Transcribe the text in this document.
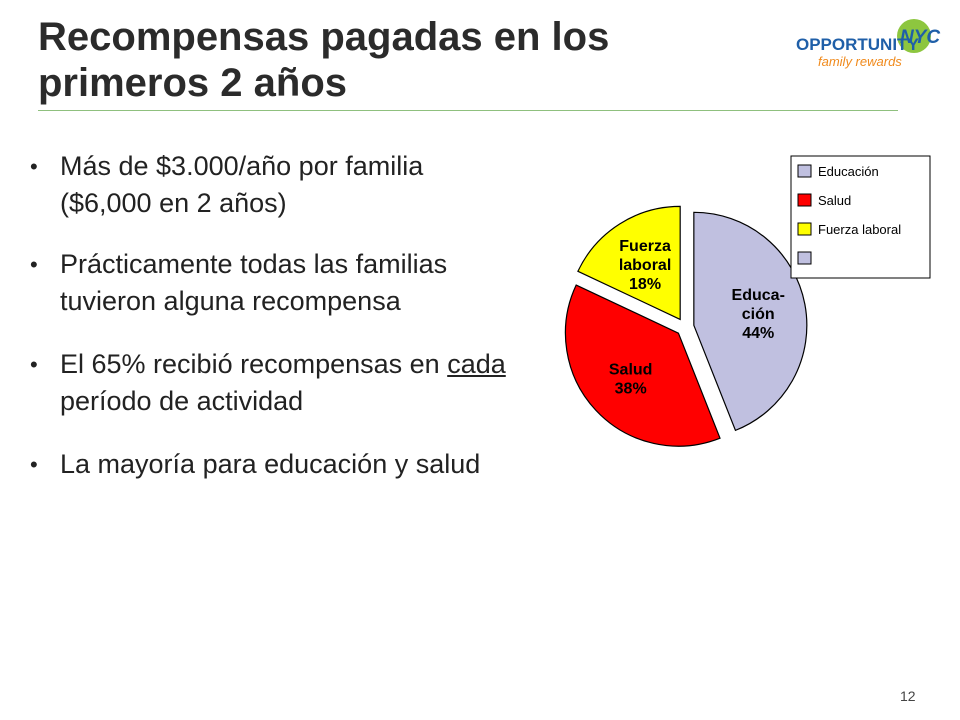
Recompensas pagadas en los primeros 2 años
OPPORTUNITY
NYC
family rewards
• Más de $3.000/año por familia ($6,000 en 2 años)
• Prácticamente todas las familias tuvieron alguna recompensa
• El 65% recibió recompensas en cada período de actividad
• La mayoría para educación y salud
Educa-
ción
44%
Salud
38%
Fuerza
laboral
18%
Educación
Salud
Fuerza laboral
12
